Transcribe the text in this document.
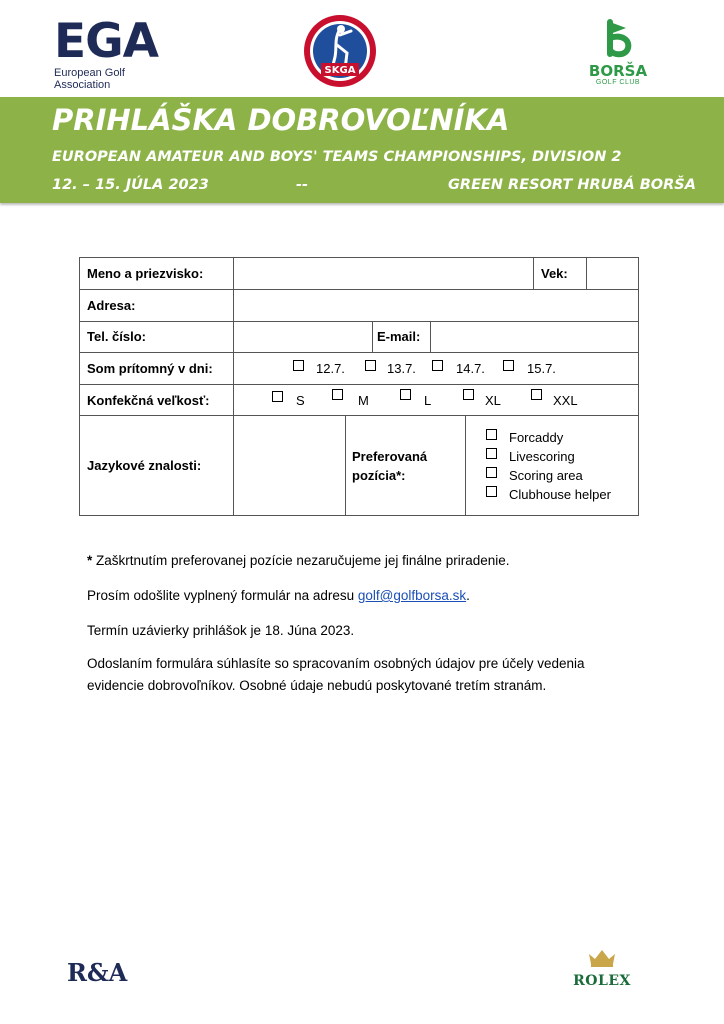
EGA
European Golf Association
SKGA	BORŠA
GOLF CLUB
PRIHLÁŠKA DOBROVOĽNÍKA
EUROPEAN AMATEUR AND BOYS' TEAMS CHAMPIONSHIPS, DIVISION 2
12. – 15. JÚLA 2023	--	GREEN RESORT HRUBÁ BORŠA
Meno a priezvisko:	Vek:
Adresa:
Tel. číslo:	E-mail:
Som prítomný v dni:	12.7.	13.7.	14.7.	15.7.
Konfekčná veľkosť:	S	M	L	XL	XXL
Jazykové znalosti:
Preferovaná
pozícia*:
Forcaddy
Livescoring
Scoring area
Clubhouse helper
* Zaškrtnutím preferovanej pozície nezaručujeme jej finálne priradenie.
Prosím odošlite vyplnený formulár na adresu golf@golfborsa.sk.
Termín uzávierky prihlášok je 18. Júna 2023.
Odoslaním formulára súhlasíte so spracovaním osobných údajov pre účely vedenia
evidencie dobrovoľníkov. Osobné údaje nebudú poskytované tretím stranám.
R&A	ROLEX
